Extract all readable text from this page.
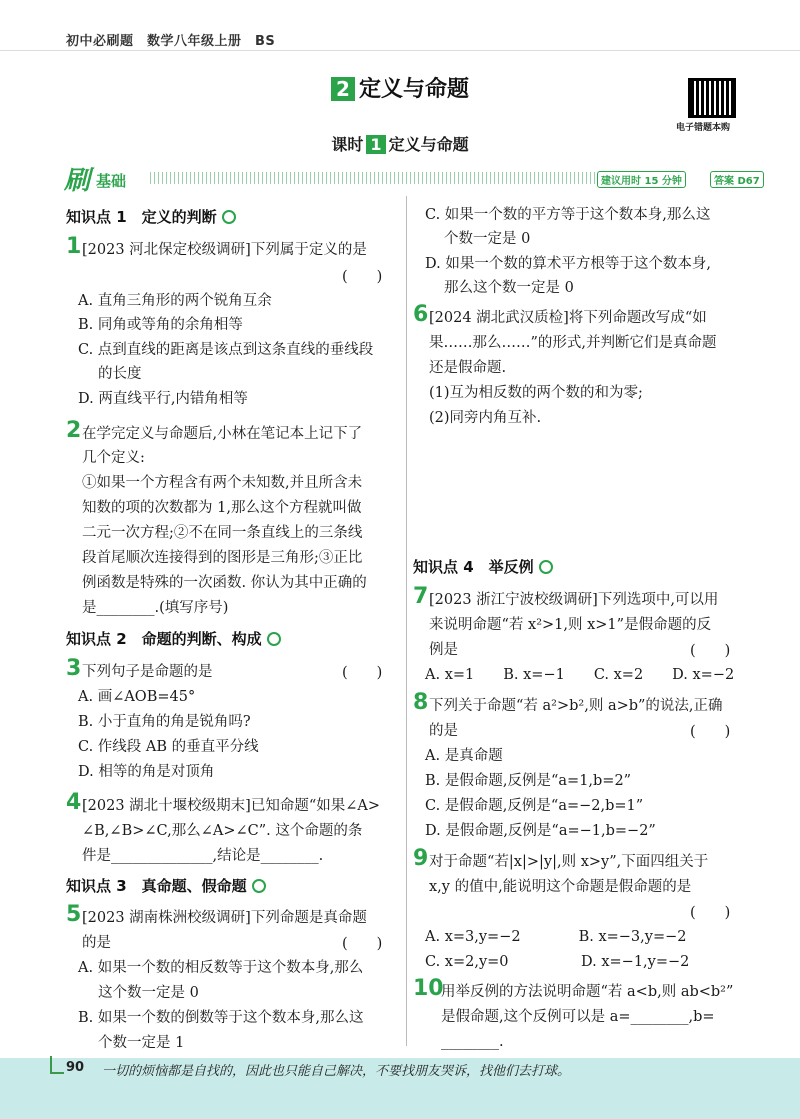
初中必刷题　数学八年级上册　BS
2 定义与命题
电子错题本购
课时 1 定义与命题
刷 基础	建议用时 15 分钟	答案 D67
知识点 1　定义的判断
1 [2023 河北保定校级调研]下列属于定义的是
(　　)
A. 直角三角形的两个锐角互余
B. 同角或等角的余角相等
C. 点到直线的距离是该点到这条直线的垂线段
的长度
D. 两直线平行,内错角相等
2 在学完定义与命题后,小林在笔记本上记下了
几个定义:
①如果一个方程含有两个未知数,并且所含未
知数的项的次数都为 1,那么这个方程就叫做
二元一次方程;②不在同一条直线上的三条线
段首尾顺次连接得到的图形是三角形;③正比
例函数是特殊的一次函数. 你认为其中正确的
是________.(填写序号)
知识点 2　命题的判断、构成
3 下列句子是命题的是	(　　)
A. 画∠AOB=45°
B. 小于直角的角是锐角吗?
C. 作线段 AB 的垂直平分线
D. 相等的角是对顶角
4 [2023 湖北十堰校级期末]已知命题“如果∠A>
∠B,∠B>∠C,那么∠A>∠C”. 这个命题的条
件是______________,结论是________.
知识点 3　真命题、假命题
5 [2023 湖南株洲校级调研]下列命题是真命题
的是	(　　)
A. 如果一个数的相反数等于这个数本身,那么
这个数一定是 0
B. 如果一个数的倒数等于这个数本身,那么这
个数一定是 1
C. 如果一个数的平方等于这个数本身,那么这
个数一定是 0
D. 如果一个数的算术平方根等于这个数本身,
那么这个数一定是 0
6 [2024 湖北武汉质检]将下列命题改写成“如
果……那么……”的形式,并判断它们是真命题
还是假命题.
(1)互为相反数的两个数的和为零;
(2)同旁内角互补.
知识点 4　举反例
7 [2023 浙江宁波校级调研]下列选项中,可以用
来说明命题“若 x²>1,则 x>1”是假命题的反
例是	(　　)
A. x=1　　B. x=−1　　C. x=2　　D. x=−2
8 下列关于命题“若 a²>b²,则 a>b”的说法,正确
的是	(　　)
A. 是真命题
B. 是假命题,反例是“a=1,b=2”
C. 是假命题,反例是“a=−2,b=1”
D. 是假命题,反例是“a=−1,b=−2”
9 对于命题“若|x|>|y|,则 x>y”,下面四组关于
x,y 的值中,能说明这个命题是假命题的是
(　　)
A. x=3,y=−2　　　　B. x=−3,y=−2
C. x=2,y=0　　　　　D. x=−1,y=−2
10
用举反例的方法说明命题“若 a<b,则 ab<b²”
是假命题,这个反例可以是 a=________,b=
________.
90 一切的烦恼都是自找的，因此也只能自己解决，不要找朋友哭诉，找他们去打球。
